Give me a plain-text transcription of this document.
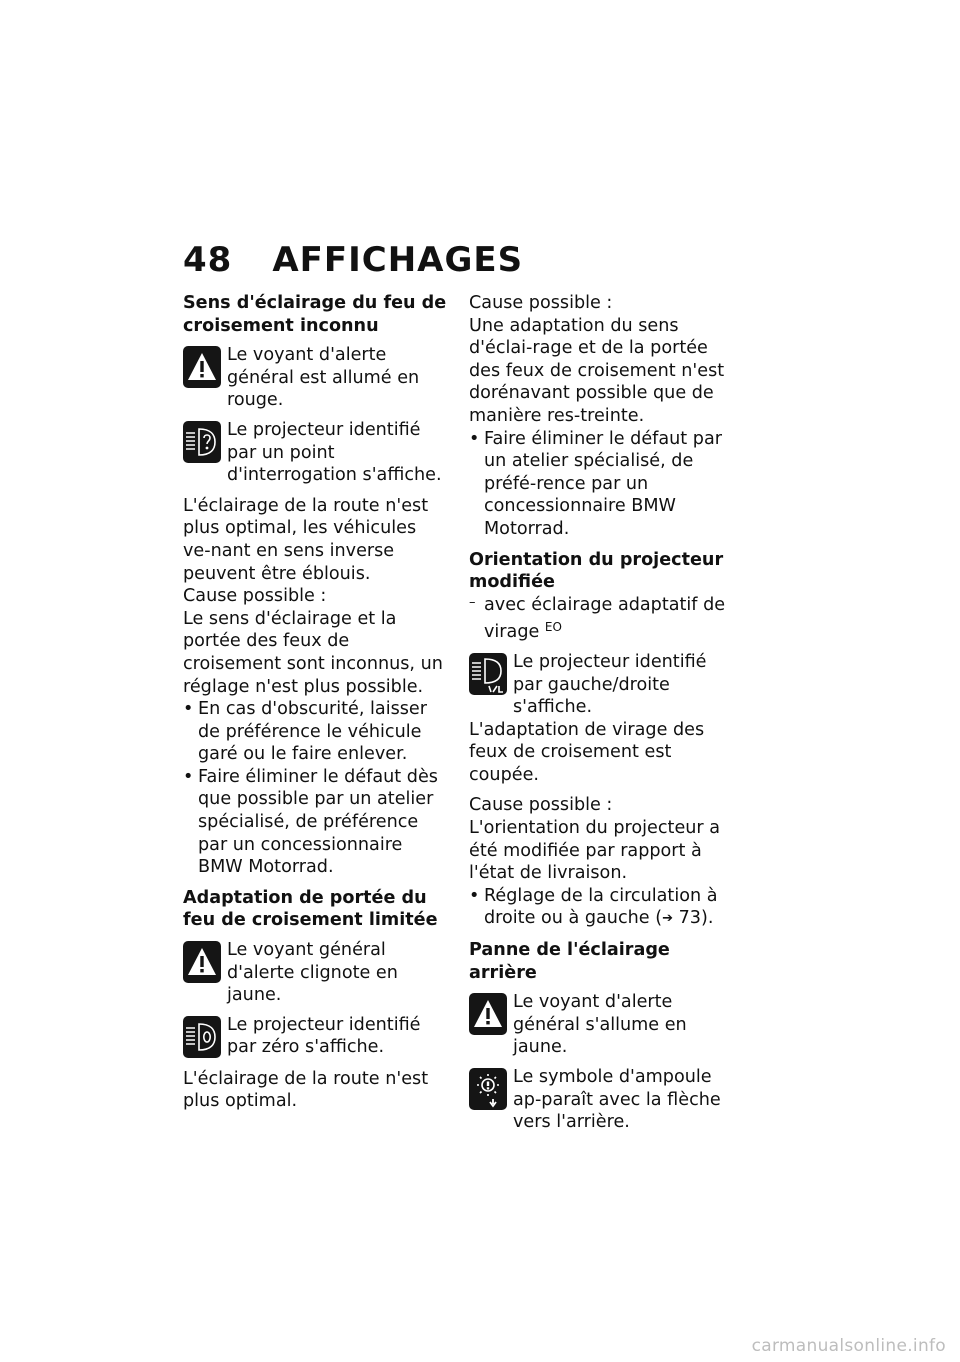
48 AFFICHAGES

Sens d'éclairage du feu de croisement inconnu

Le voyant d'alerte général est allumé en rouge.
Le projecteur identifié par un point d'interrogation s'affiche.

L'éclairage de la route n'est plus optimal, les véhicules ve-nant en sens inverse peuvent être éblouis.

Cause possible :

Le sens d'éclairage et la portée des feux de croisement sont inconnus, un réglage n'est plus possible.

• En cas d'obscurité, laisser de préférence le véhicule garé ou le faire enlever.

• Faire éliminer le défaut dès que possible par un atelier spécialisé, de préférence par un concessionnaire BMW Motorrad.

Adaptation de portée du feu de croisement limitée

Le voyant général d'alerte clignote en jaune.
Le projecteur identifié par zéro s'affiche.

L'éclairage de la route n'est plus optimal.

Cause possible :

Une adaptation du sens d'éclai-rage et de la portée des feux de croisement n'est dorénavant possible que de manière res-treinte.

• Faire éliminer le défaut par un atelier spécialisé, de préfé-rence par un concessionnaire BMW Motorrad.

Orientation du projecteur modifiée

– avec éclairage adaptatif de virage $^{EO}$

Le projecteur identifié par gauche/droite s'affiche.

L'adaptation de virage des feux de croisement est coupée.

Cause possible :

L'orientation du projecteur a été modifiée par rapport à l'état de livraison.

• Réglage de la circulation à droite ou à gauche (➔ 73).

Panne de l'éclairage arrière

Le voyant d'alerte général s'allume en jaune.
Le symbole d'ampoule ap-paraît avec la flèche vers l'arrière.
carmanualsonline.info
